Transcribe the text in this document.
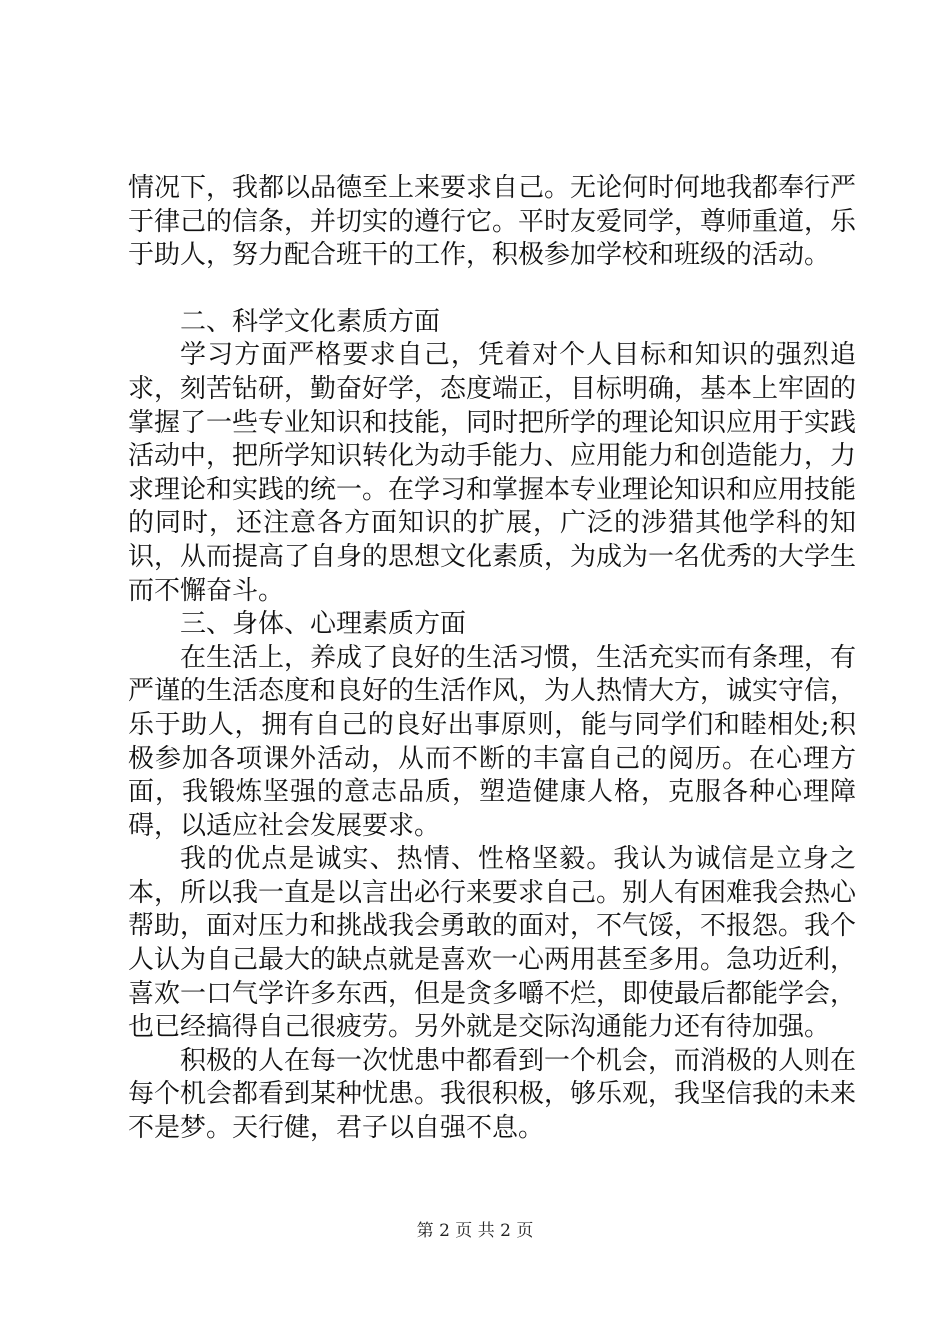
情况下，我都以品德至上来要求自己。无论何时何地我都奉行严于律己的信条，并切实的遵行它。平时友爱同学，尊师重道，乐于助人，努力配合班干的工作，积极参加学校和班级的活动。

二、科学文化素质方面

学习方面严格要求自己，凭着对个人目标和知识的强烈追求，刻苦钻研，勤奋好学，态度端正，目标明确，基本上牢固的掌握了一些专业知识和技能，同时把所学的理论知识应用于实践活动中，把所学知识转化为动手能力、应用能力和创造能力，力求理论和实践的统一。在学习和掌握本专业理论知识和应用技能的同时，还注意各方面知识的扩展，广泛的涉猎其他学科的知识，从而提高了自身的思想文化素质，为成为一名优秀的大学生而不懈奋斗。

三、身体、心理素质方面

在生活上，养成了良好的生活习惯，生活充实而有条理，有严谨的生活态度和良好的生活作风，为人热情大方，诚实守信，乐于助人，拥有自己的良好出事原则，能与同学们和睦相处;积极参加各项课外活动，从而不断的丰富自己的阅历。在心理方面，我锻炼坚强的意志品质，塑造健康人格，克服各种心理障碍，以适应社会发展要求。

我的优点是诚实、热情、性格坚毅。我认为诚信是立身之本，所以我一直是以言出必行来要求自己。别人有困难我会热心帮助，面对压力和挑战我会勇敢的面对，不气馁，不报怨。我个人认为自己最大的缺点就是喜欢一心两用甚至多用。急功近利，喜欢一口气学许多东西，但是贪多嚼不烂，即使最后都能学会，也已经搞得自己很疲劳。另外就是交际沟通能力还有待加强。

积极的人在每一次忧患中都看到一个机会，而消极的人则在每个机会都看到某种忧患。我很积极，够乐观，我坚信我的未来不是梦。天行健，君子以自强不息。

第 2 页 共 2 页
